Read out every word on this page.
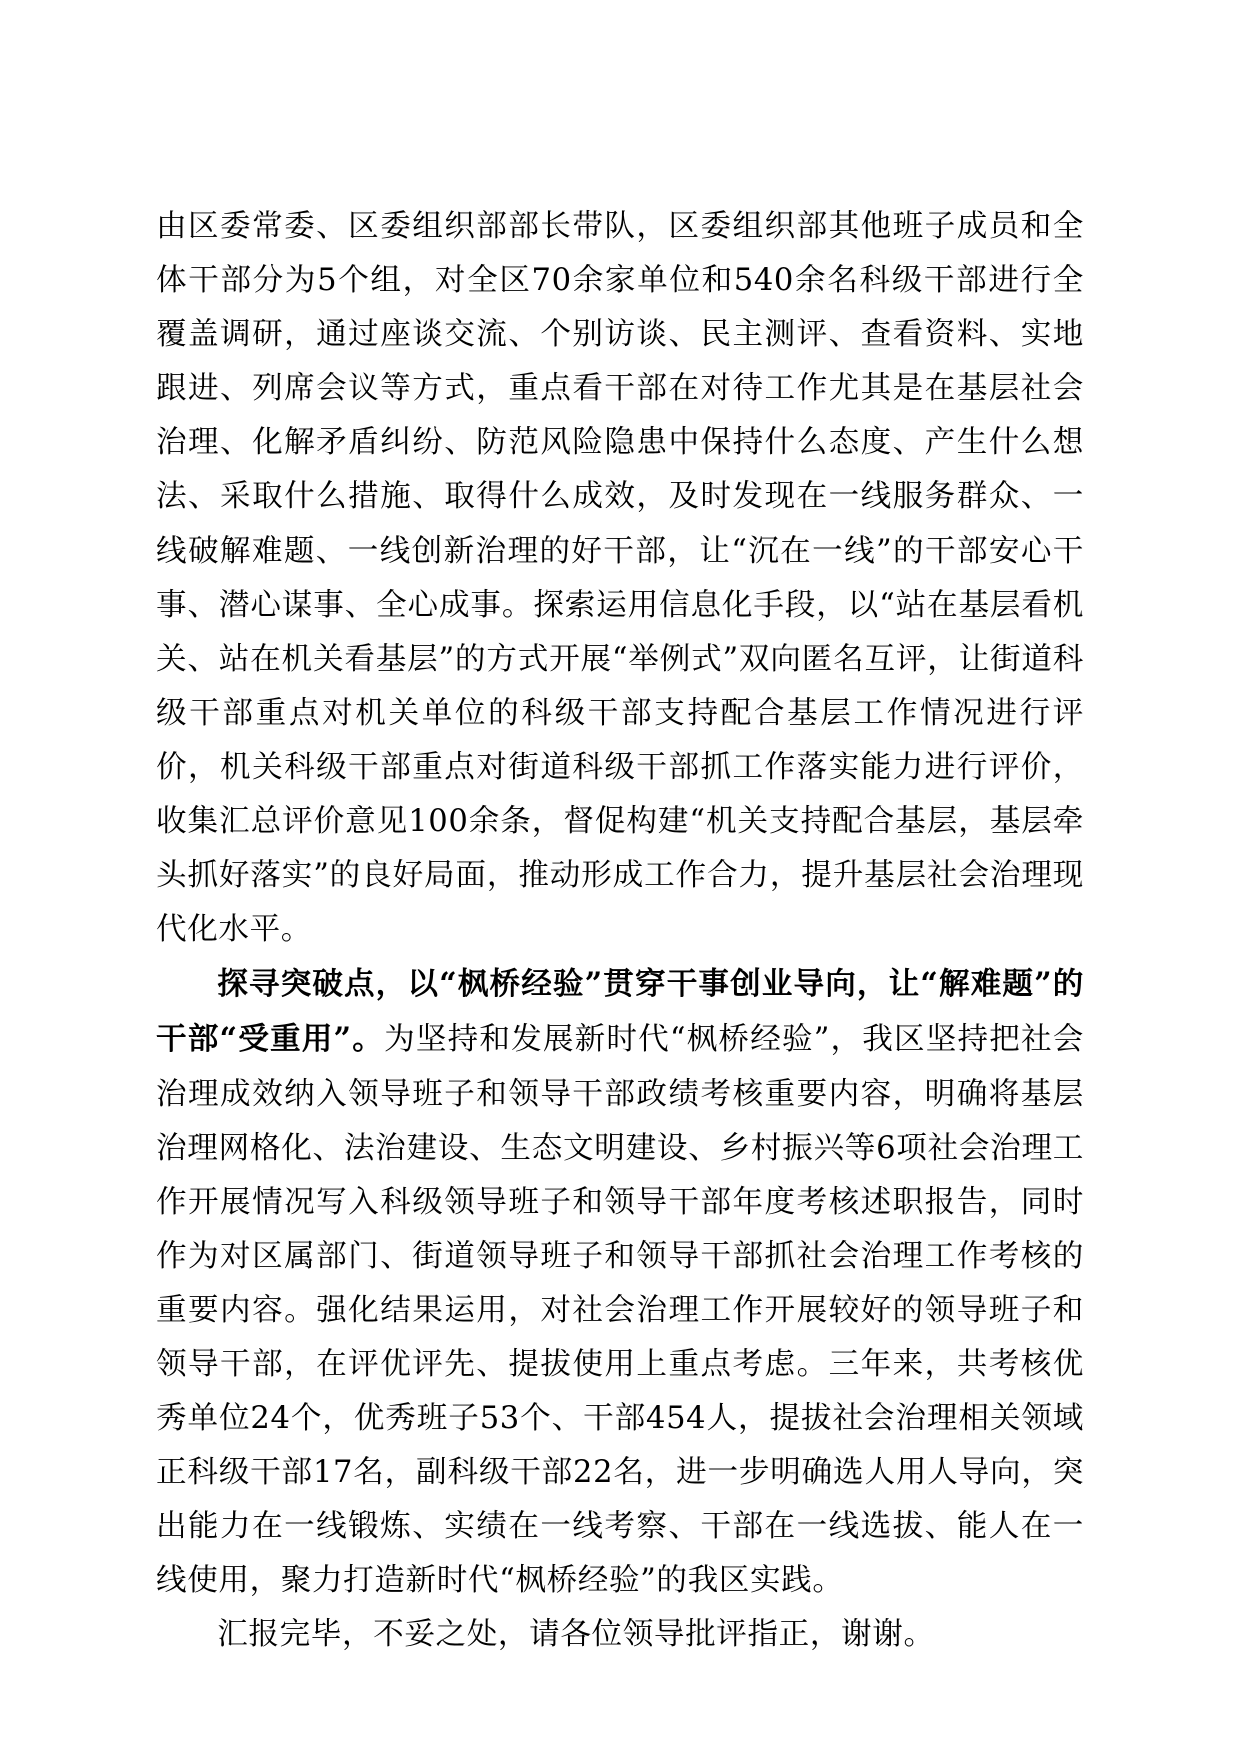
由区委常委、区委组织部部长带队，区委组织部其他班子成员和全体干部分为5个组，对全区70余家单位和540余名科级干部进行全覆盖调研，通过座谈交流、个别访谈、民主测评、查看资料、实地跟进、列席会议等方式，重点看干部在对待工作尤其是在基层社会治理、化解矛盾纠纷、防范风险隐患中保持什么态度、产生什么想法、采取什么措施、取得什么成效，及时发现在一线服务群众、一线破解难题、一线创新治理的好干部，让“沉在一线”的干部安心干事、潜心谋事、全心成事。探索运用信息化手段，以“站在基层看机关、站在机关看基层”的方式开展“举例式”双向匿名互评，让街道科级干部重点对机关单位的科级干部支持配合基层工作情况进行评价，机关科级干部重点对街道科级干部抓工作落实能力进行评价，收集汇总评价意见100余条，督促构建“机关支持配合基层，基层牵头抓好落实”的良好局面，推动形成工作合力，提升基层社会治理现代化水平。

探寻突破点，以“枫桥经验”贯穿干事创业导向，让“解难题”的干部“受重用”。为坚持和发展新时代“枫桥经验”，我区坚持把社会治理成效纳入领导班子和领导干部政绩考核重要内容，明确将基层治理网格化、法治建设、生态文明建设、乡村振兴等6项社会治理工作开展情况写入科级领导班子和领导干部年度考核述职报告，同时作为对区属部门、街道领导班子和领导干部抓社会治理工作考核的重要内容。强化结果运用，对社会治理工作开展较好的领导班子和领导干部，在评优评先、提拔使用上重点考虑。三年来，共考核优秀单位24个，优秀班子53个、干部454人，提拔社会治理相关领域正科级干部17名，副科级干部22名，进一步明确选人用人导向，突出能力在一线锻炼、实绩在一线考察、干部在一线选拔、能人在一线使用，聚力打造新时代“枫桥经验”的我区实践。

汇报完毕，不妥之处，请各位领导批评指正，谢谢。
